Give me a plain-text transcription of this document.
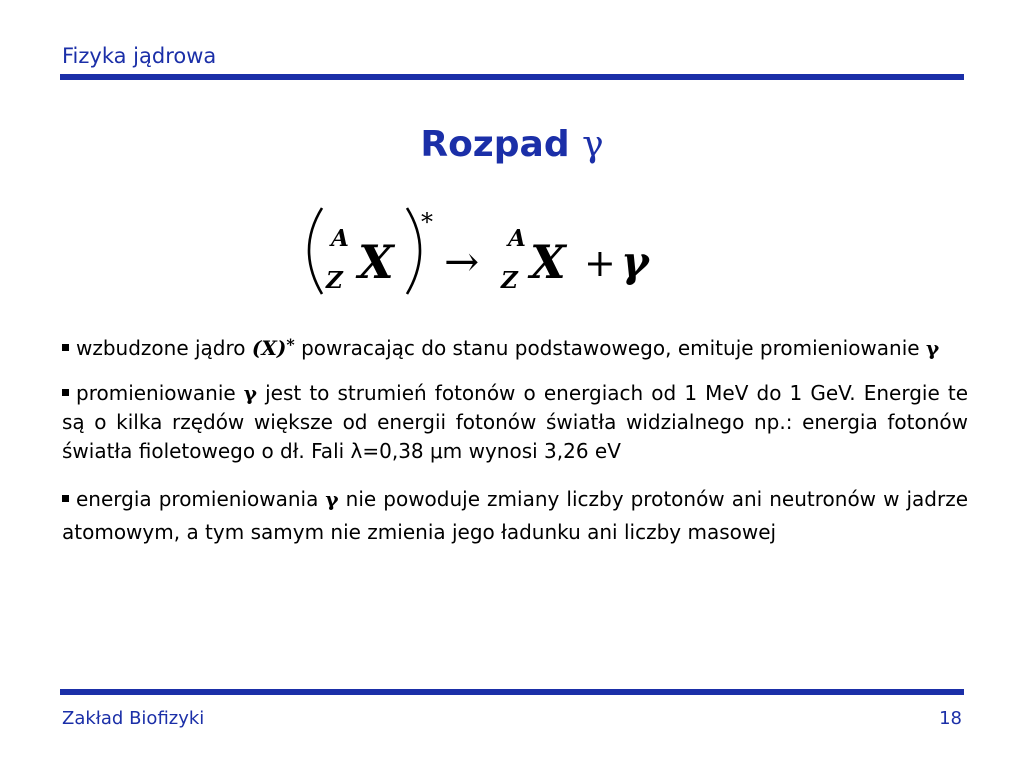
Fizyka jądrowa
Rozpad γ
A
Z X
*
→ A
Z X + γ

wzbudzone jądro (X)* powracając do stanu podstawowego, emituje promieniowanie γ

promieniowanie γ jest to strumień fotonów o energiach od 1 MeV do 1 GeV. Energie te są o kilka rzędów większe od energii fotonów światła widzialnego np.: energia fotonów światła fioletowego o dł. Fali λ=0,38 μm wynosi 3,26 eV

energia promieniowania γ nie powoduje zmiany liczby protonów ani neutronów w jadrze atomowym, a tym samym nie zmienia jego ładunku ani liczby masowej

Zakład Biofizyki	18
